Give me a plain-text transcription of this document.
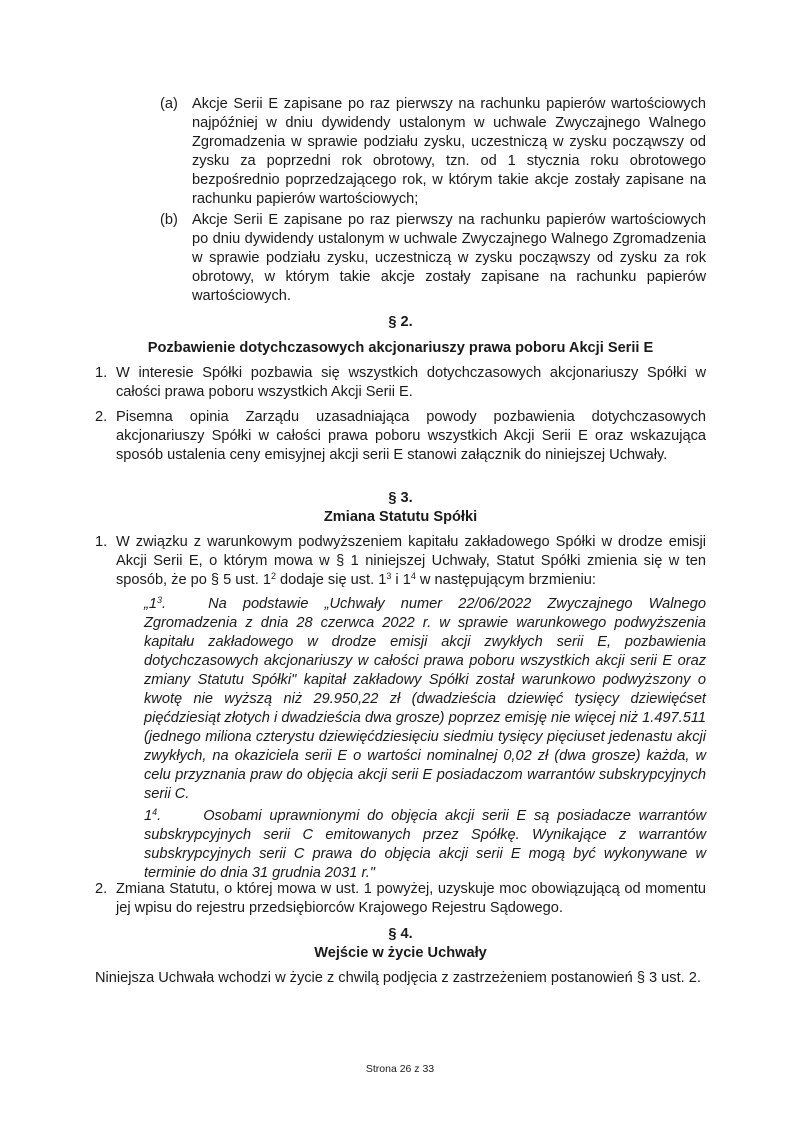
(a) Akcje Serii E zapisane po raz pierwszy na rachunku papierów wartościowych najpóźniej w dniu dywidendy ustalonym w uchwale Zwyczajnego Walnego Zgromadzenia w sprawie podziału zysku, uczestniczą w zysku począwszy od zysku za poprzedni rok obrotowy, tzn. od 1 stycznia roku obrotowego bezpośrednio poprzedzającego rok, w którym takie akcje zostały zapisane na rachunku papierów wartościowych;
(b) Akcje Serii E zapisane po raz pierwszy na rachunku papierów wartościowych po dniu dywidendy ustalonym w uchwale Zwyczajnego Walnego Zgromadzenia w sprawie podziału zysku, uczestniczą w zysku począwszy od zysku za rok obrotowy, w którym takie akcje zostały zapisane na rachunku papierów wartościowych.
§ 2.
Pozbawienie dotychczasowych akcjonariuszy prawa poboru Akcji Serii E
1. W interesie Spółki pozbawia się wszystkich dotychczasowych akcjonariuszy Spółki w całości prawa poboru wszystkich Akcji Serii E.
2. Pisemna opinia Zarządu uzasadniająca powody pozbawienia dotychczasowych akcjonariuszy Spółki w całości prawa poboru wszystkich Akcji Serii E oraz wskazująca sposób ustalenia ceny emisyjnej akcji serii E stanowi załącznik do niniejszej Uchwały.
§ 3.
Zmiana Statutu Spółki
1. W związku z warunkowym podwyższeniem kapitału zakładowego Spółki w drodze emisji Akcji Serii E, o którym mowa w § 1 niniejszej Uchwały, Statut Spółki zmienia się w ten sposób, że po § 5 ust. $1^2$ dodaje się ust. $1^3$ i $1^4$ w następującym brzmieniu:
$„1^3$.	Na podstawie „Uchwały numer 22/06/2022 Zwyczajnego Walnego Zgromadzenia z dnia 28 czerwca 2022 r. w sprawie warunkowego podwyższenia kapitału zakładowego w drodze emisji akcji zwykłych serii E, pozbawienia dotychczasowych akcjonariuszy w całości prawa poboru wszystkich akcji serii E oraz zmiany Statutu Spółki" kapitał zakładowy Spółki został warunkowo podwyższony o kwotę nie wyższą niż 29.950,22 zł (dwadzieścia dziewięć tysięcy dziewięćset pięćdziesiąt złotych i dwadzieścia dwa grosze) poprzez emisję nie więcej niż 1.497.511 (jednego miliona czterystu dziewięćdziesięciu siedmiu tysięcy pięciuset jedenastu akcji zwykłych, na okaziciela serii E o wartości nominalnej 0,02 zł (dwa grosze) każda, w celu przyznania praw do objęcia akcji serii E posiadaczom warrantów subskrypcyjnych serii C.
$1^4$.	Osobami uprawnionymi do objęcia akcji serii E są posiadacze warrantów subskrypcyjnych serii C emitowanych przez Spółkę. Wynikające z warrantów subskrypcyjnych serii C prawa do objęcia akcji serii E mogą być wykonywane w terminie do dnia 31 grudnia 2031 r."
2. Zmiana Statutu, o której mowa w ust. 1 powyżej, uzyskuje moc obowiązującą od momentu jej wpisu do rejestru przedsiębiorców Krajowego Rejestru Sądowego.
§ 4.
Wejście w życie Uchwały
Niniejsza Uchwała wchodzi w życie z chwilą podjęcia z zastrzeżeniem postanowień § 3 ust. 2.
Strona 26 z 33
